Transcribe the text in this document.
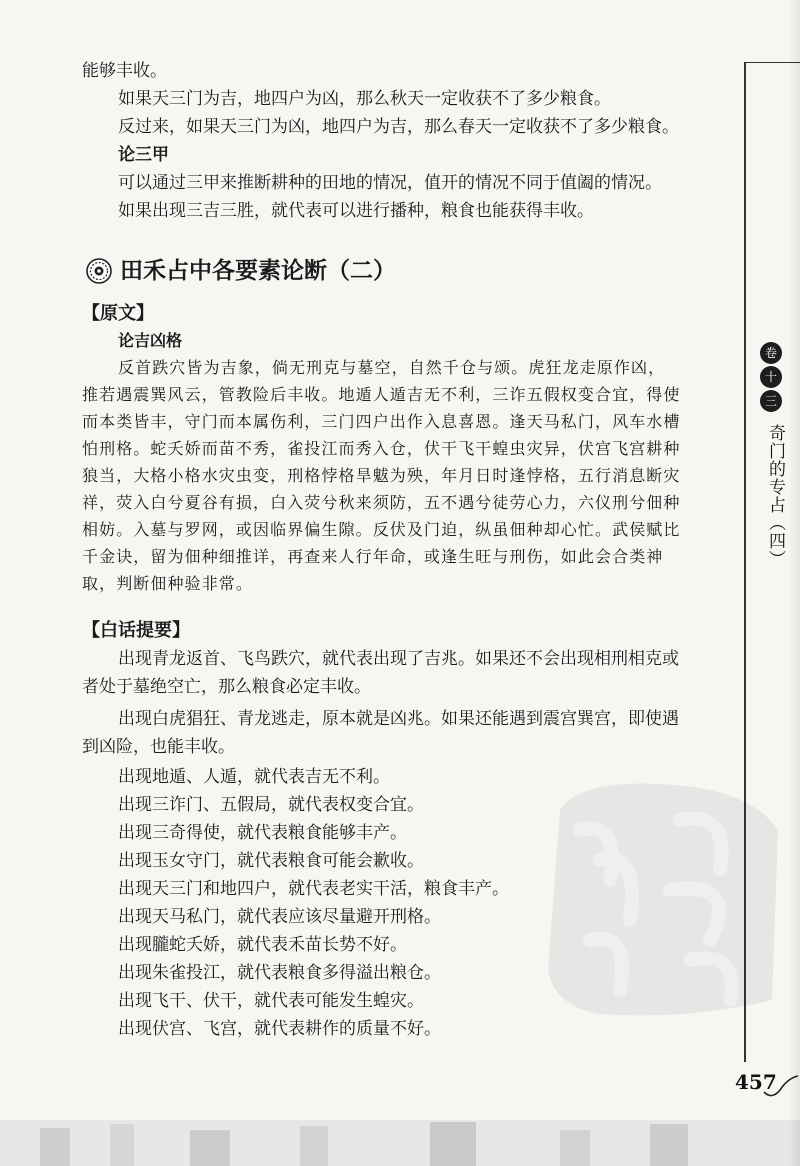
能够丰收。
如果天三门为吉，地四户为凶，那么秋天一定收获不了多少粮食。
反过来，如果天三门为凶，地四户为吉，那么春天一定收获不了多少粮食。
论三甲
可以通过三甲来推断耕种的田地的情况，值开的情况不同于值阖的情况。
如果出现三吉三胜，就代表可以进行播种，粮食也能获得丰收。
田禾占中各要素论断（二）
【原文】
论吉凶格
反首跌穴皆为吉象，倘无刑克与墓空，自然千仓与颂。虎狂龙走原作凶，
推若遇震巽风云，管教险后丰收。地遁人遁吉无不利，三诈五假权变合宜，得使
而本类皆丰，守门而本属伤利，三门四户出作入息喜恩。逢天马私门，风车水槽
怕刑格。蛇夭娇而苗不秀，雀投江而秀入仓，伏干飞干蝗虫灾异，伏宫飞宫耕种
狼当，大格小格水灾虫变，刑格悖格旱魃为殃，年月日时逢悖格，五行消息断灾
祥，荧入白兮夏谷有损，白入荧兮秋来须防，五不遇兮徒劳心力，六仪刑兮佃种
相妨。入墓与罗网，或因临界偏生隙。反伏及门迫，纵虽佃种却心忙。武侯赋比
千金诀，留为佃种细推详，再查来人行年命，或逢生旺与刑伤，如此会合类神
取，判断佃种验非常。
【白话提要】
出现青龙返首、飞鸟跌穴，就代表出现了吉兆。如果还不会出现相刑相克或
者处于墓绝空亡，那么粮食必定丰收。
出现白虎猖狂、青龙逃走，原本就是凶兆。如果还能遇到震宫巽宫，即使遇
到凶险，也能丰收。
出现地遁、人遁，就代表吉无不利。
出现三诈门、五假局，就代表权变合宜。
出现三奇得使，就代表粮食能够丰产。
出现玉女守门，就代表粮食可能会歉收。
出现天三门和地四户，就代表老实干活，粮食丰产。
出现天马私门，就代表应该尽量避开刑格。
出现朧蛇夭娇，就代表禾苗长势不好。
出现朱雀投江，就代表粮食多得溢出粮仓。
出现飞干、伏干，就代表可能发生蝗灾。
出现伏宫、飞宫，就代表耕作的质量不好。
卷
十
三
奇门的专占（四）
457
